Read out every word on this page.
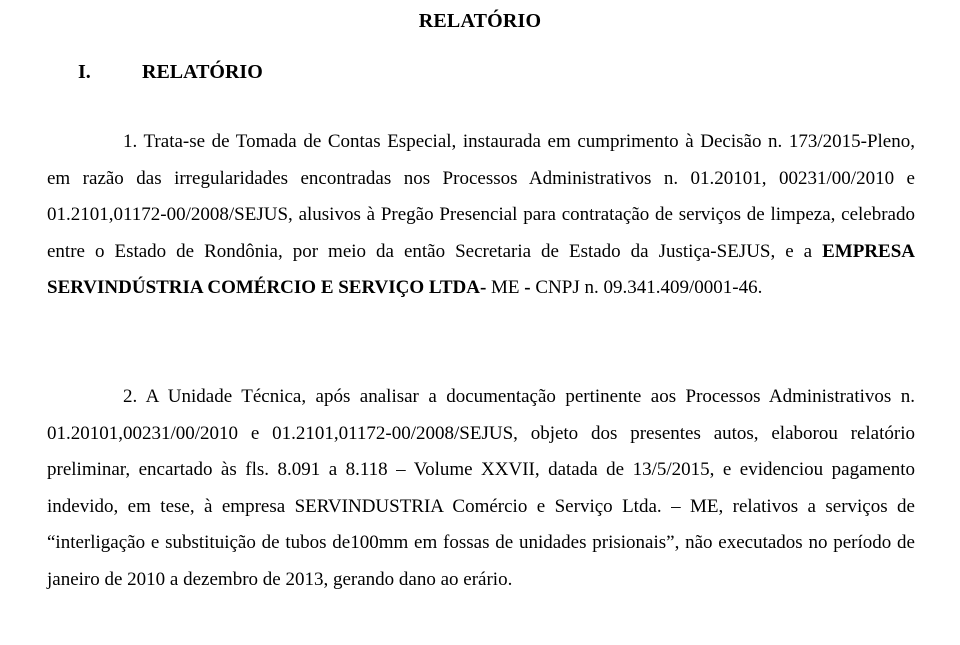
RELATÓRIO
I.	RELATÓRIO

1. Trata-se de Tomada de Contas Especial, instaurada em cumprimento à Decisão n. 173/2015-Pleno, em razão das irregularidades encontradas nos Processos Administrativos n. 01.20101, 00231/00/2010 e 01.2101,01172-00/2008/SEJUS, alusivos à Pregão Presencial para contratação de serviços de limpeza, celebrado entre o Estado de Rondônia, por meio da então Secretaria de Estado da Justiça-SEJUS, e a EMPRESA SERVINDÚSTRIA COMÉRCIO E SERVIÇO LTDA- ME - CNPJ n. 09.341.409/0001-46.

2. A Unidade Técnica, após analisar a documentação pertinente aos Processos Administrativos n. 01.20101,00231/00/2010 e 01.2101,01172-00/2008/SEJUS, objeto dos presentes autos, elaborou relatório preliminar, encartado às fls. 8.091 a 8.118 – Volume XXVII, datada de 13/5/2015, e evidenciou pagamento indevido, em tese, à empresa SERVINDUSTRIA Comércio e Serviço Ltda. – ME, relativos a serviços de “interligação e substituição de tubos de100mm em fossas de unidades prisionais”, não executados no período de janeiro de 2010 a dezembro de 2013, gerando dano ao erário.
